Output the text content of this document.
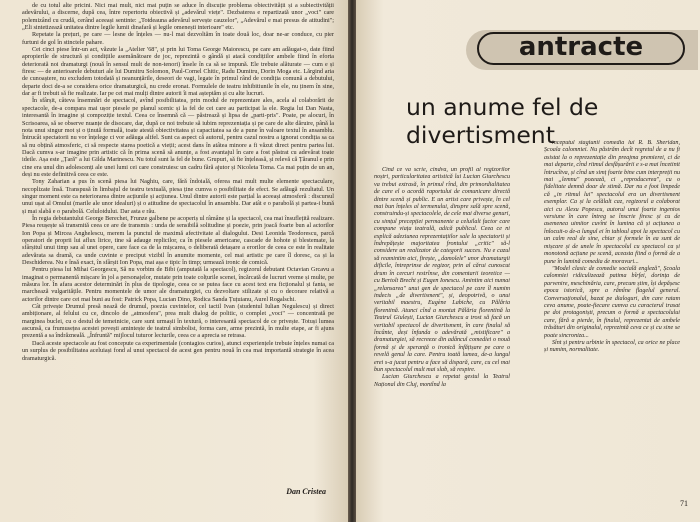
de cu totul alte pricini. Nici mai mult, nici mai puțin se aduce în discuție problema obiectivității și a subiectivității adevărului, a discerne, după cea, între repertoriu obiectivă și „adevărul viețe". Dezbaterea e repartizată unor „voci" care polemizând cu crudă, cerând aceeași sentinte: „Totdeauna adevărul servește cauzelor", „Adevărul e mai presus de atitudini"; „Eli sintetizează unitatea dintre legile lumii dinafară și legile omenești interioare" etc.

Repetate la prețuri, pe care — lesne de înțeles — nu-l mai dezvoltăm în toate două loc, doar ne-ar conduce, cu pier furtuni de gol în stinctele pahare.

Cei cinci piese într-un act, văzute la „Atelier '68", și prin lui Toma George Maiorescu, pe care am adăugat-o, date fiind apropierile de structură și condițiile asemănătoare de joc, reprezintă o gândă și atacă condițiilor ambele fiind în eforta deteriorată noi dramaturgi (nouă în sensul mult de non-tenori) însele în ca să se impună. Ele trebuie alăturate — cum e și firesc — de anterioarele debuturi ale lui Dumitru Solomon, Paul-Cornel Chitic, Radu Dumitru, Dorin Moga etc. Lărgind aria de cunoaștere, nu excludem totodată și neanunțările, deseori de vagi, legate în primul rând de condiția comună a debutului, departe doci de-a se considera orice dramaturgică, nu crede eronat. Formulele de teatru inhibitiunile în ele, nu ținem în sine, dar ar fi trebuit să fie realizate. Iar pe cei mai mulți dintre autorii îi mai așteptăm și cu alte lucruri.

În sfârșit, câteva însemnări de spectacol, avînd posibilitatea, prin modul de reprezentare ales, acela al colaborării de spectacole, de-a compara mai ușor piesele pe planul scenic și la fel de cei care au participat la ele. Regia lui Dan Nasta, interesantă în imagine și compoziție textul. Ceea ce însemnă că — păstrează și lipsa de „parti-pris". Poate, pe alocuri, în Scrisoarea, să se observe nuanțe de disocare, dar, după ce noi trebuie să iubim reprezentația și pe care de alte dăruire, până la nota unui singur mot și o ținută formală, toate atestă obiectivitatea și capacitatea sa de a pune în valoare textul în ansamblu. Întrucât spectatorii nu vor înțelege ci vor adăuga altfel. Sunt ca aspect că autorul, pentru cazul nostru a ignorat condiția sa ca să nu obțină atmosferic, ci să respecte starea poetică a vieții; acest dans în atâtea minore a fi văzut direct pentru partea lui. Dacă cumva s-ar imagine prin artistic că în prima scenă să anunțe, a fost avantajul în care a fost păstrat cu adevărat toate ideile. Așa este „Țară" a lui Gilda Marinescu. Nu totul sunt la fel de bune. Grupuri, să fie înțeleasă, și relevă că Țăranul e prin cine era unul din adolescenți ale unei lumi cei care construiesc un cadru fără ajutor și Nicoleta Toma. Ca mai puțin de un an, deși nu este definitivă ceea ce este.

Tony Zaharian a pus în scenă piesa lui Naghiu, care, fără îndoială, oferea mai mult multe elemente spectaculare, necoplizate însă. Transpusă în limbajul de teatru textuală, piesa ține cumva o posibilitate de efect. Se adăugă rezultatul. Un singur moment este ca neteriorarea dintre acțiunile și acțiunea. Unul dintre autorii este parțial la aceeași atmosferă : discursul unui ușat al Omului (marile ale unor idealuri) și o atitudine de spectacolul în ansamblu. Dar atât e o parabolă și partea-i bună și mai slabă e o parabolă. Celuloidului. Dar asta e rău.

În regia debutantului George Berechet, Frunze galbene pe acoperiș ul râmâne și la spectacol, cea mai însuflețită realizare. Piesa reușește să transmită ceea ce are de transmis : unda de sensibilă solitudine și poezie, prin joacă foarte bun al actorilor Ion Popa și Mircea Anghelescu, merem la punctul de maximă afectivitate al dialogului. Desi Leonida Teodorescu, parcă operatori de proprii lui aflux lirice, tine să adauge replicilor, ca în piesele americane, cascade de hohote și blestemate, la sfârșitul unui timp sau al unei opere, care face ca de la mișcarea, o deliberată detașare a erorilor de ceea ce este în realitate adevărata sa dramă, ca unde cuvinte e preciput vizibil în anumite momente, cel mai artistic pe care îl doresc, ca și la Deschiderea. Nu e însă exact, în sfârșit Ion Popa, mai așa e tipic în timp; urmează ironic de comică.

Pentru piesa lui Mihai Georgescu, Să nu vorbim de Bibi (amputată la spectacol), regizorul debutant Octavian Grcavu a imaginat o permanentă mișcare în jol a personajelor, mutate prin toate colțurile scenei, încărcată de lucruri vreme și multe, pe măsura lor. În afara acestor determinări în plus de tipologie, ceea ce se putea face cu acest text era ficționalul și fanta, se marchează vulgaritățile. Pentru momentele de umor ale dramaturgiei, cu dezvoltare stilizate și cu o decorare relativă a actorilor dintre care cei mai buni au fost: Patrick Popa, Lucian Dino, Rodica Sanda Țuțuianu, Aurel Rogalschi.

Cât privește Drumul presă nează de drumul, poezia cuvintelor, cel tactil Ivan (studentul Iulian Negulescu) și direct ambiționare, al felului cu ce, dincolo de „atmosfera", prea mult dialog de politic, o complet „voci" — concentrată pe marginea buclei, cu o destul de temeinicie, care sunt urmașii în textură, o interesantă spectacol de ce privește. Totuși lumea ascunsă, ca frumusețea acestei povești amintește de teatrul simbolist, forma care, arme prezintă, în multe etape, ar fi ajuns prezentă a sa îndrăzneală. „Înfruntă" mijlocul tuturor lecturile, ceea ce a aprecia se retrasa.

Dacă aceste spectacole au fost concepute ca experimentale (contagios curios), atunci experiențele trebuie înțeles numai ca un surplus de posibilitatea aceluiași fond al unui spectacol de acest gen pentru nouă în cea mai importantă strategie în acea dramaturgică.

Dan Cristea
antracte
un anume fel de divertisment

Cînd ce va scrie, cîndva, un profil al regizorilor noștri, particularitatea artistică lui Lucian Giurchescu va trebui extrasă, în primul rînd, din primordialitatea de care el o acordă raportului de comunicare directă dintre scenă și public. E un artist care privește, în cel mai bun înțeles al termenului, dinspre sală spre scenă, construindu-și spectacolele, de cele mai diverse genuri, cu simțul precepției permanente a celuilalt factor care compune viața teatrală, adică publicul. Ceea ce ni explică adeziunea reprezentațiilor sale la spectatorii și îndrepățește majoritatea frontului „critic" să-l considere un realizator de categorii succes. Nu e cazul să reamintim aici, firește, „damolele" unor dramaturgii dificile, întreprinse de regizor, prin al cărui cunoscut drum în cercuri restrînse, din comentarii teoretice — cu Bertolt Brecht și Eugen Ionescu. Amintim aici numai „relansarea" unui gen de spectacol pe care îl numim indecis „de divertisment", și, deopotrivă, o unui veritabil maestru, Eugène Labiche, cu Pălăria florentină. Atunci cînd a montat Pălăria florentină la Teatrul Giulești, Lucian Giurchescu a trost să facă un veritabil spectacol de divertisment, în care finalul să încânte, deși înfunda o adevărată „mistificare" a dramaturgiei, să recreeze din adâncul comediei o nouă formă și de speranță o ironică înfățișare pe care o revelă genul la care. Pentru toată lumea, de-a lungul erei s-a jucat pentru a face să dispară, care, cu cel mai bun spectacolul mult mai slab, să respire.

Lucian Giurchescu a repetat gestul la Teatrul Național din Cluj, montînd la

începutul stagiunii comedia lui R. B. Sheridan, Școala calomniei. Nu păstrăm decît regretul de a nu fi asistat la o reprezentație din preajma premierei, ci de mai departe, cînd ritmul desfășurării e s-a mai încetinit întrucîtva, și cînd un simț foarte bine cum interpreții nu mai „lemnu" pozează, ci „reproducerea", cu o fidelitate demnă doar de stimă. Dar nu e foot limpede că „in ritmul lui" spectacolul era un divertisment exemplar. Ca și la celălalt caz, regizorul a colaborat aici cu Alexu Popescu, autorul unui foarte ingenios versiune în care întreg se înscrie firesc și cu de asemenea uimitor cuvînt în lumina că și acțiunea a înlocuit-o de-a lungul ei în tabloul apoi la spectacol cu un calm real de sine, chiar și formele în ea sunt de mișcare și de unele în spectacolul cu spectacol ca și monotonă acțiune pe scenă, aceasta fiind o formă de a pune în lumină comedia de moravuri...

"Model clasic de comedie socială engleză", Școala calomniei ridiculizează patima bîrfei, dorința de parvenire, meschinăria, care, precum știm, își depășesc epoca istorică, spre a rămîne flagelul general. Conversaționalul, bazat pe dialoguri, din care ratam ceva anume, poate-fiecare cumva cu caracterul trasat pe doi protagoniști, precum o formă a spectacolului care, fără a pierde, în finalul, reprezentat de ambele trăsături din originalul, reprezintă ceva ce și cu sine se poate sincroniza...

Sînt și pentru urbinie în spectacol, ca orice ne place și numim, normalitate.

71
